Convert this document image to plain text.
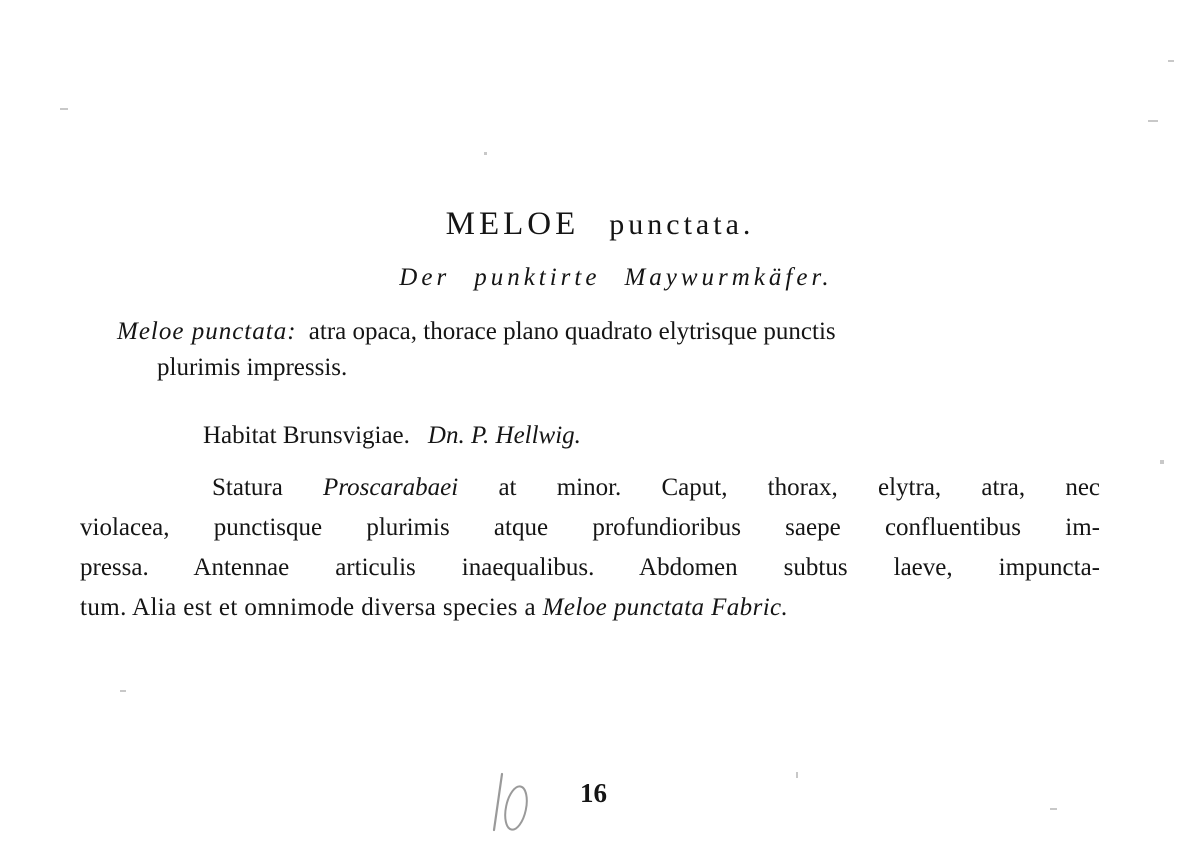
MELOE punctata.
Der punktirte Maywurmkäfer.
Meloe punctata: atra opaca, thorace plano quadrato elytrisque punctis
plurimis impressis.
Habitat Brunsvigiae. Dn. P. Hellwig.
Statura Proscarabaei at minor. Caput, thorax, elytra, atra, nec
violacea, punctisque plurimis atque profundioribus saepe confluentibus im-
pressa. Antennae articulis inaequalibus. Abdomen subtus laeve, impuncta-
tum. Alia est et omnimode diversa species a Meloe punctata Fabric.
16
